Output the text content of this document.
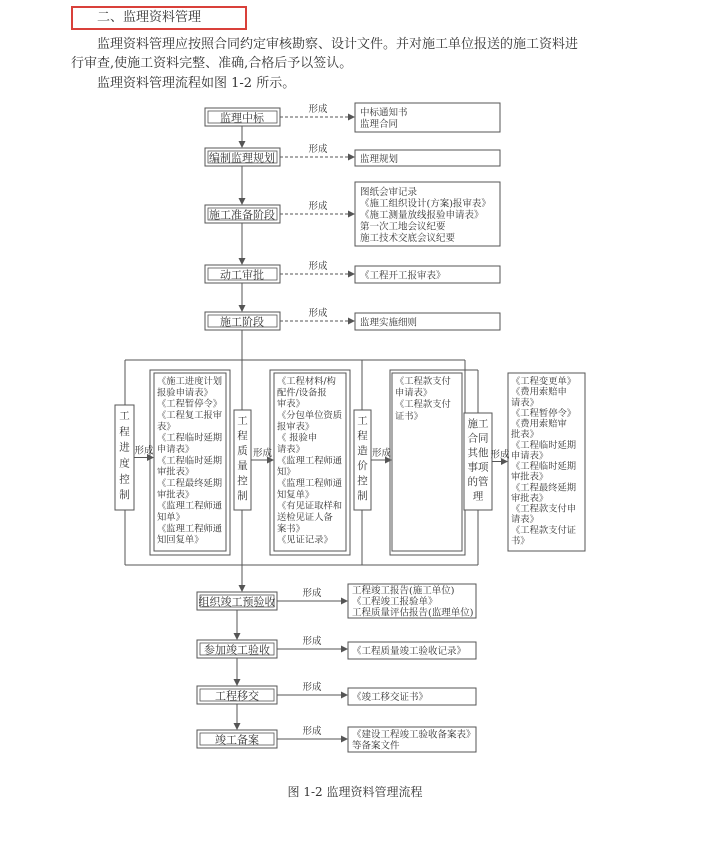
二、监理资料管理
监理资料管理应按照合同约定审核勘察、设计文件。并对施工单位报送的施工资料进
行审查,使施工资料完整、准确,合格后予以签认。
监理资料管理流程如图 1-2 所示。
监理中标	中标通知书
监理合同
形成
编制监理规划	监理规划
形成
施工准备阶段
图纸会审记录
《施工组织设计(方案)报审表》
《施工测量放线报验申请表》
第一次工地会议纪要
施工技术交底会议纪要
形成
动工审批	《工程开工报审表》
形成
施工阶段	监理实施细则
形成
工
程
进
度
控
制
《施工进度计划
报验申请表》
《工程暂停令》
《工程复工报审
表》
《工程临时延期
申请表》
《工程临时延期
审批表》
《工程最终延期
审批表》
《监理工程师通
知单》
《监理工程师通
知回复单》
形成
工
程
质
量
控
制
《工程材料/构
配件/设备报
审表》
《分包单位资质
报审表》
《 报验申
请表》
《监理工程师通
知》
《监理工程师通
知复单》
《有见证取样和
送检见证人备
案书》
《见证记录》
形成
工
程
造
价
控
制
《工程款支付
申请表》
《工程款支付
证书》
形成
施工
合同
其他
事项
的管
理
《工程变更单》
《费用索赔申
请表》
《工程暂停令》
《费用索赔审
批表》
《工程临时延期
申请表》
《工程临时延期
审批表》
《工程最终延期
审批表》
《工程款支付申
请表》
《工程款支付证
书》
形成
组织竣工预验收
工程竣工报告(施工单位)
《工程竣工报验单》
工程质量评估报告(监理单位)
形成
参加竣工验收	《工程质量竣工验收记录》
形成
工程移交	《竣工移交证书》
形成
竣工备案	《建设工程竣工验收备案表》
等备案文件
形成
图 1-2 监理资料管理流程
